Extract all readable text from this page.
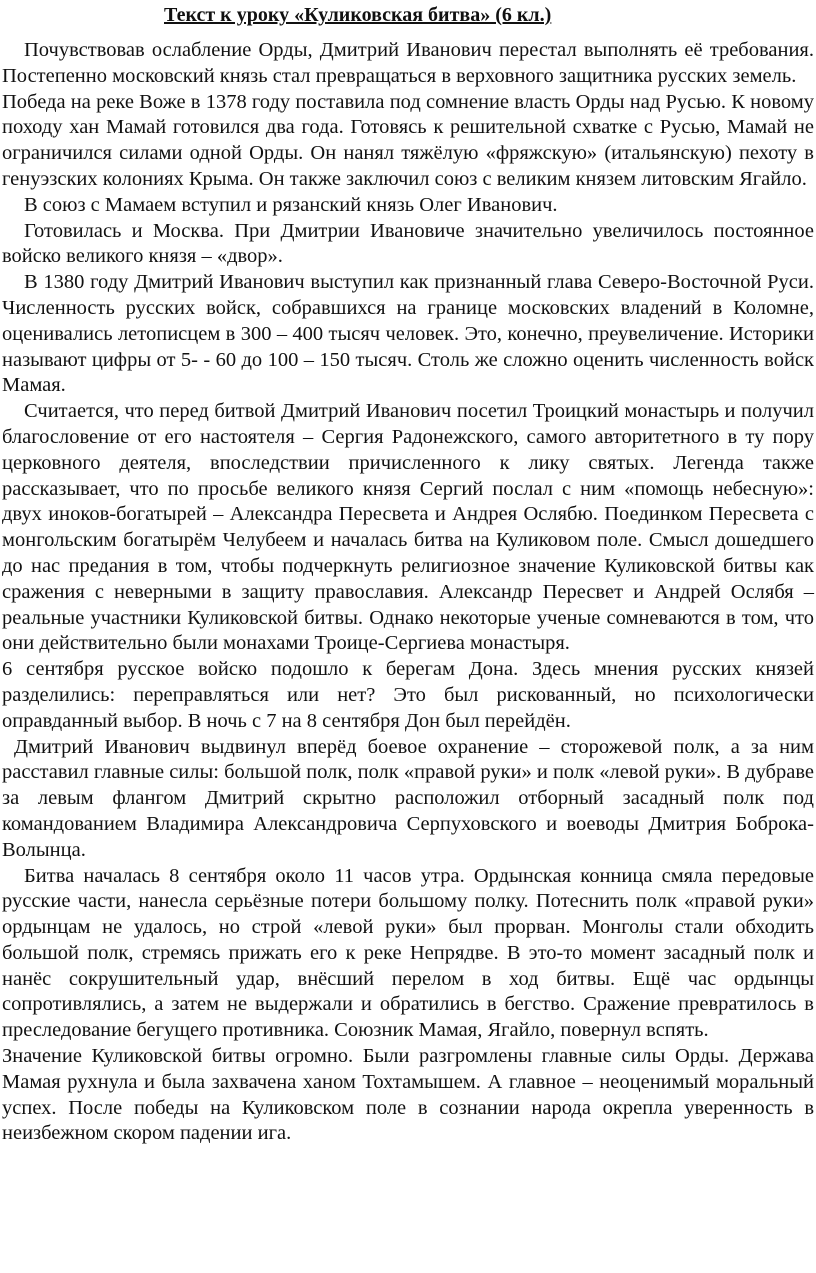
Текст к уроку «Куликовская битва» (6 кл.)

Почувствовав ослабление Орды, Дмитрий Иванович перестал выполнять её требования. Постепенно московский князь стал превращаться в верховного защитника русских земель.

Победа на реке Воже в 1378 году поставила под сомнение власть Орды над Русью. К новому походу хан Мамай готовился два года. Готовясь к решительной схватке с Русью, Мамай не ограничился силами одной Орды. Он нанял тяжёлую «фряжскую» (итальянскую) пехоту в генуэзских колониях Крыма. Он также заключил союз с великим князем литовским Ягайло.

В союз с Мамаем вступил и рязанский князь Олег Иванович.

Готовилась и Москва. При Дмитрии Ивановиче значительно увеличилось постоянное войско великого князя – «двор».

В 1380 году Дмитрий Иванович выступил как признанный глава Северо-Восточной Руси. Численность русских войск, собравшихся на границе московских владений в Коломне, оценивались летописцем в 300 – 400 тысяч человек. Это, конечно, преувеличение. Историки называют цифры от 5- - 60 до 100 – 150 тысяч. Столь же сложно оценить численность войск Мамая.

Считается, что перед битвой Дмитрий Иванович посетил Троицкий монастырь и получил благословение от его настоятеля – Сергия Радонежского, самого авторитетного в ту пору церковного деятеля, впоследствии причисленного к лику святых. Легенда также рассказывает, что по просьбе великого князя Сергий послал с ним «помощь небесную»: двух иноков-богатырей – Александра Пересвета и Андрея Ослябю. Поединком Пересвета с монгольским богатырём Челубеем и началась битва на Куликовом поле. Смысл дошедшего до нас предания в том, чтобы подчеркнуть религиозное значение Куликовской битвы как сражения с неверными в защиту православия. Александр Пересвет и Андрей Ослябя – реальные участники Куликовской битвы. Однако некоторые ученые сомневаются в том, что они действительно были монахами Троице-Сергиева монастыря.

6 сентября русское войско подошло к берегам Дона. Здесь мнения русских князей разделились: переправляться или нет? Это был рискованный, но психологически оправданный выбор. В ночь с 7 на 8 сентября Дон был перейдён.

Дмитрий Иванович выдвинул вперёд боевое охранение – сторожевой полк, а за ним расставил главные силы: большой полк, полк «правой руки» и полк «левой руки». В дубраве за левым флангом Дмитрий скрытно расположил отборный засадный полк под командованием Владимира Александровича Серпуховского и воеводы Дмитрия Боброка-Волынца.

Битва началась 8 сентября около 11 часов утра. Ордынская конница смяла передовые русские части, нанесла серьёзные потери большому полку. Потеснить полк «правой руки» ордынцам не удалось, но строй «левой руки» был прорван. Монголы стали обходить большой полк, стремясь прижать его к реке Непрядве. В это-то момент засадный полк и нанёс сокрушительный удар, внёсший перелом в ход битвы. Ещё час ордынцы сопротивлялись, а затем не выдержали и обратились в бегство. Сражение превратилось в преследование бегущего противника. Союзник Мамая, Ягайло, повернул вспять.

Значение Куликовской битвы огромно. Были разгромлены главные силы Орды. Держава Мамая рухнула и была захвачена ханом Тохтамышем. А главное – неоценимый моральный успех. После победы на Куликовском поле в сознании народа окрепла уверенность в неизбежном скором падении ига.
